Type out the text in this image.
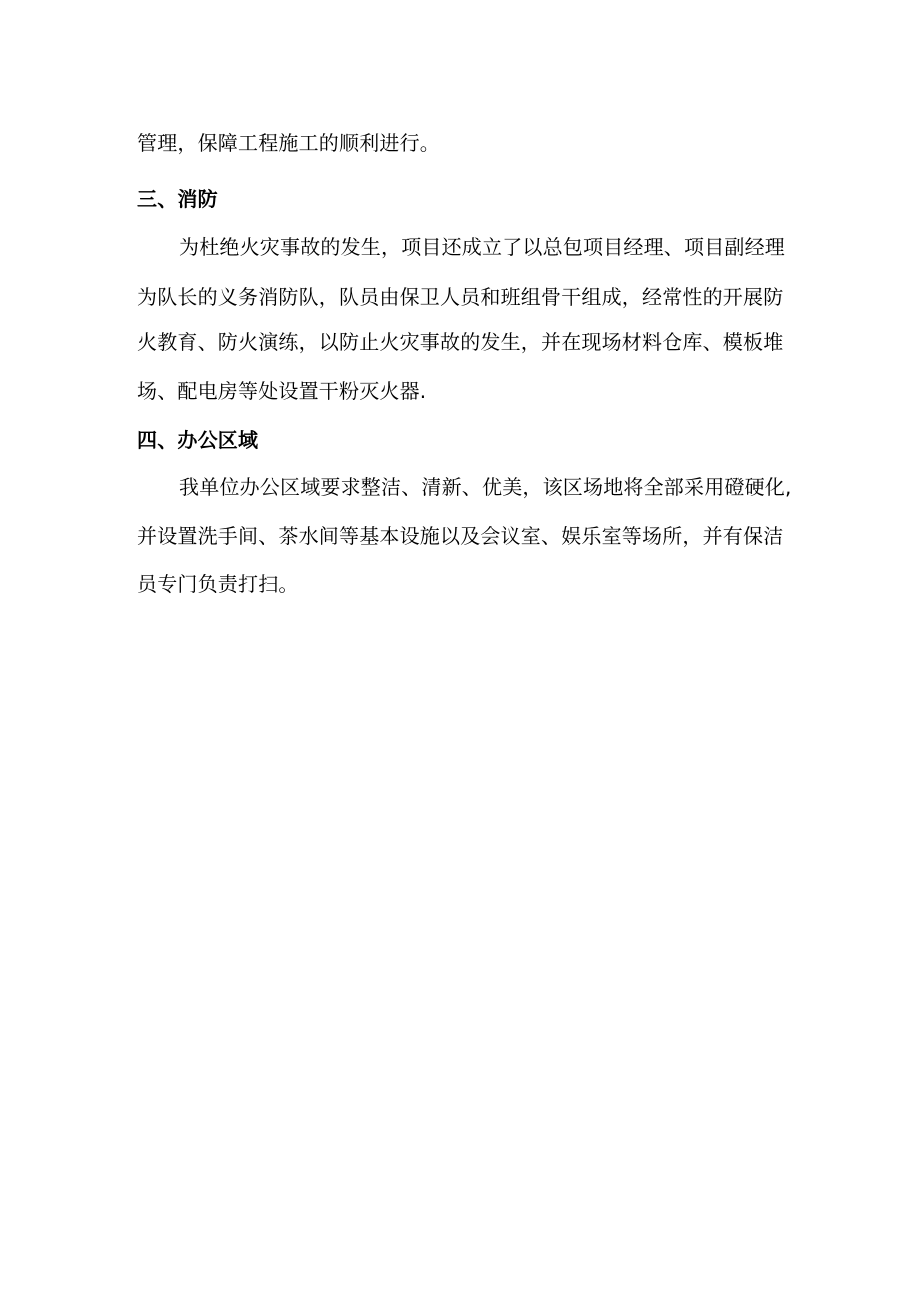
管理，保障工程施工的顺利进行。
三、消防
为杜绝火灾事故的发生，项目还成立了以总包项目经理、项目副经理
为队长的义务消防队，队员由保卫人员和班组骨干组成，经常性的开展防
火教育、防火演练，以防止火灾事故的发生，并在现场材料仓库、模板堆
场、配电房等处设置干粉灭火器.
四、办公区域
我单位办公区域要求整洁、清新、优美，该区场地将全部采用磴硬化,
并设置洗手间、茶水间等基本设施以及会议室、娱乐室等场所，并有保洁
员专门负责打扫。
